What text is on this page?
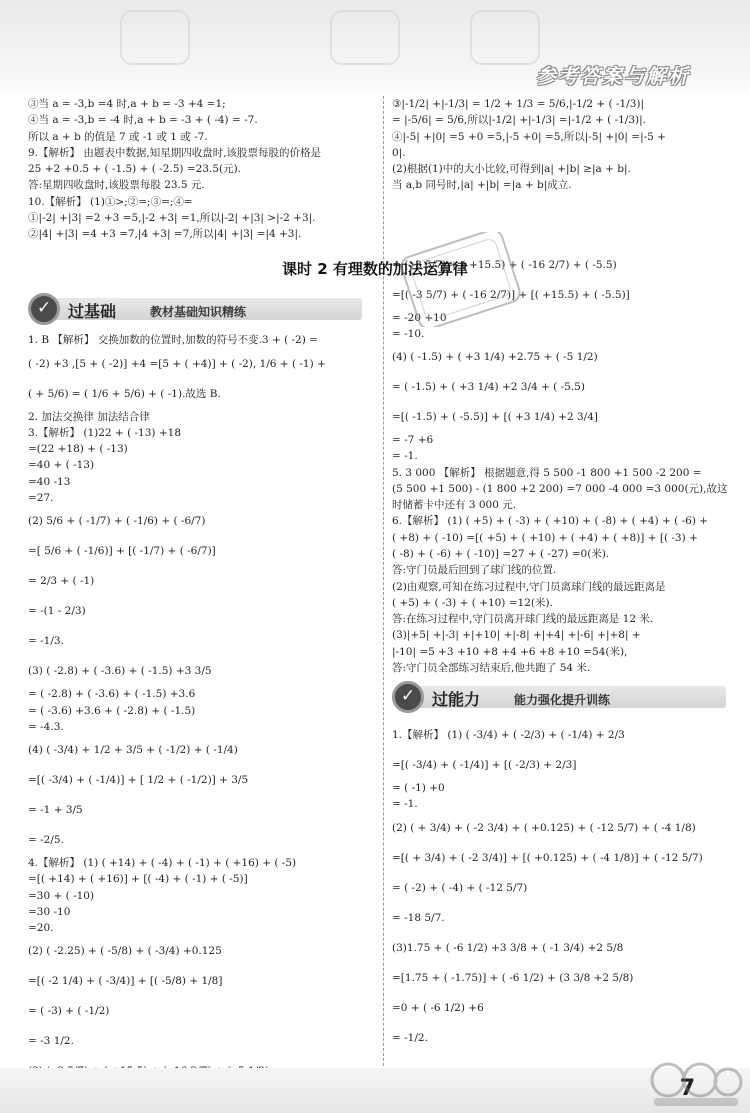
参考答案与解析
③当 a = -3,b =4 时,a + b = -3 +4 =1;
④当 a = -3,b = -4 时,a + b = -3 + ( -4) = -7.
所以 a + b 的值是 7 或 -1 或 1 或 -7.
9.【解析】 由题表中数据,知星期四收盘时,该股票每股的价格是
25 +2 +0.5 + ( -1.5) + ( -2.5) =23.5(元).
答:星期四收盘时,该股票每股 23.5 元.
10.【解析】 (1)①>;②=;③=;④=
①|-2| +|3| =2 +3 =5,|-2 +3| =1,所以|-2| +|3| >|-2 +3|.
②|4| +|3| =4 +3 =7,|4 +3| =7,所以|4| +|3| =|4 +3|.
✓	过基础	教材基础知识精练
1. B 【解析】 交换加数的位置时,加数的符号不变.3 + ( -2) =
( -2) +3 ,[5 + ( -2)] +4 =[5 + ( +4)] + ( -2), 1/6 + ( -1) +
( + 5/6) = ( 1/6 + 5/6) + ( -1).故选 B.
2. 加法交换律 加法结合律
3.【解析】 (1)22 + ( -13) +18
=(22 +18) + ( -13)
=40 + ( -13)
=40 -13
=27.
(2) 5/6 + ( -1/7) + ( -1/6) + ( -6/7)
=[ 5/6 + ( -1/6)] + [( -1/7) + ( -6/7)]
= 2/3 + ( -1)
= -(1 - 2/3)
= -1/3.
(3) ( -2.8) + ( -3.6) + ( -1.5) +3 3/5
= ( -2.8) + ( -3.6) + ( -1.5) +3.6
= ( -3.6) +3.6 + ( -2.8) + ( -1.5)
= -4.3.
(4) ( -3/4) + 1/2 + 3/5 + ( -1/2) + ( -1/4)
=[( -3/4) + ( -1/4)] + [ 1/2 + ( -1/2)] + 3/5
= -1 + 3/5
= -2/5.
4.【解析】 (1) ( +14) + ( -4) + ( -1) + ( +16) + ( -5)
=[( +14) + ( +16)] + [( -4) + ( -1) + ( -5)]
=30 + ( -10)
=30 -10
=20.
(2) ( -2.25) + ( -5/8) + ( -3/4) +0.125
=[( -2 1/4) + ( -3/4)] + [( -5/8) + 1/8]
= ( -3) + ( -1/2)
= -3 1/2.
课时 2 有理数的加法运算律
③|-1/2| +|-1/3| = 1/2 + 1/3 = 5/6,|-1/2 + ( -1/3)|
= |-5/6| = 5/6,所以|-1/2| +|-1/3| =|-1/2 + ( -1/3)|.
④|-5| +|0| =5 +0 =5,|-5 +0| =5,所以|-5| +|0| =|-5 +
0|.
(2)根据(1)中的大小比较,可得到|a| +|b| ≥|a + b|.
当 a,b 同号时,|a| +|b| =|a + b|成立.
= ( -3 5/7) + ( +15.5) + ( -16 2/7) + ( -5.5)
=[( -3 5/7) + ( -16 2/7)] + [( +15.5) + ( -5.5)]
= -20 +10
= -10.
(4) ( -1.5) + ( +3 1/4) +2.75 + ( -5 1/2)
= ( -1.5) + ( +3 1/4) +2 3/4 + ( -5.5)
=[( -1.5) + ( -5.5)] + [( +3 1/4) +2 3/4]
= -7 +6
= -1.
5. 3 000 【解析】 根据题意,得 5 500 -1 800 +1 500 -2 200 =
(5 500 +1 500) - (1 800 +2 200) =7 000 -4 000 =3 000(元),故这
时储蓄卡中还有 3 000 元.
6.【解析】 (1) ( +5) + ( -3) + ( +10) + ( -8) + ( +4) + ( -6) +
( +8) + ( -10) =[( +5) + ( +10) + ( +4) + ( +8)] + [( -3) +
( -8) + ( -6) + ( -10)] =27 + ( -27) =0(米).
答:守门员最后回到了球门线的位置.
(2)由观察,可知在练习过程中,守门员离球门线的最远距离是
( +5) + ( -3) + ( +10) =12(米).
答:在练习过程中,守门员离开球门线的最远距离是 12 米.
(3)|+5| +|-3| +|+10| +|-8| +|+4| +|-6| +|+8| +
|-10| =5 +3 +10 +8 +4 +6 +8 +10 =54(米),
答:守门员全部练习结束后,他共跑了 54 米.
✓	过能力	能力强化提升训练
1.【解析】 (1) ( -3/4) + ( -2/3) + ( -1/4) + 2/3
=[( -3/4) + ( -1/4)] + [( -2/3) + 2/3]
= ( -1) +0
= -1.
(2) ( + 3/4) + ( -2 3/4) + ( +0.125) + ( -12 5/7) + ( -4 1/8)
=[( + 3/4) + ( -2 3/4)] + [( +0.125) + ( -4 1/8)] + ( -12 5/7)
= ( -2) + ( -4) + ( -12 5/7)
= -18 5/7.
(3)1.75 + ( -6 1/2) +3 3/8 + ( -1 3/4) +2 5/8
=[1.75 + ( -1.75)] + ( -6 1/2) + (3 3/8 +2 5/8)
=0 + ( -6 1/2) +6
= -1/2.
7
